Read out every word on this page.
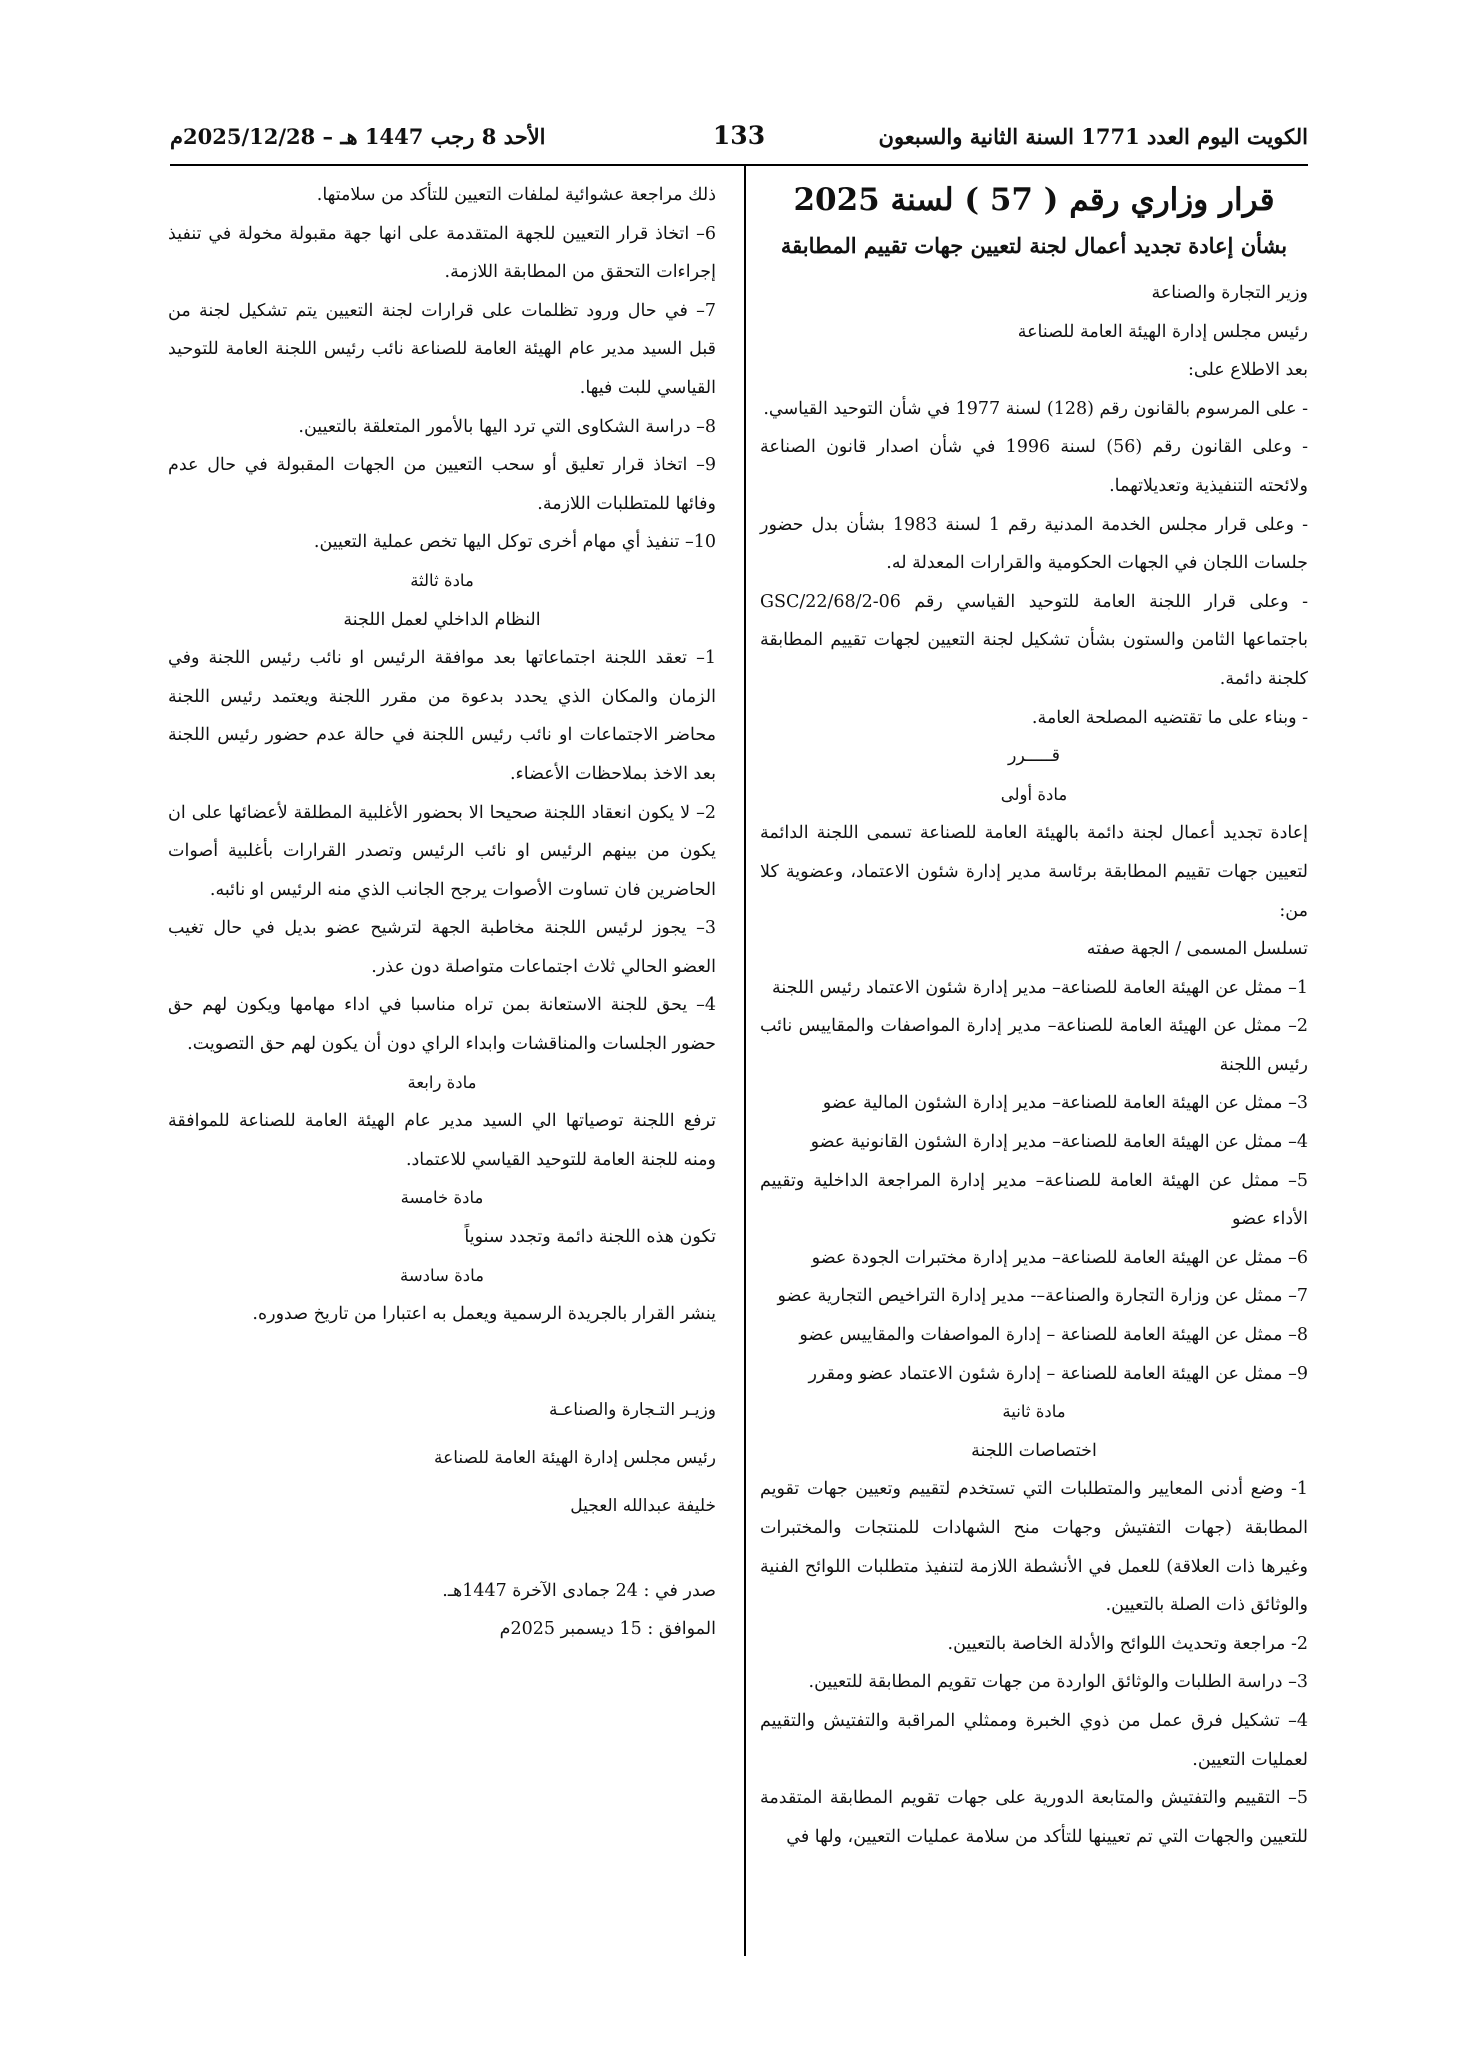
الكويت اليوم العدد 1771 السنة الثانية والسبعون
133
الأحد 8 رجب 1447 هـ – 2025/12/28م
قرار وزاري رقم ( 57 ) لسنة 2025
بشأن إعادة تجديد أعمال لجنة لتعيين جهات تقييم المطابقة

وزير التجارة والصناعة

رئيس مجلس إدارة الهيئة العامة للصناعة

بعد الاطلاع على:

- على المرسوم بالقانون رقم (128) لسنة 1977 في شأن التوحيد القياسي.

- وعلى القانون رقم (56) لسنة 1996 في شأن اصدار قانون الصناعة ولائحته التنفيذية وتعديلاتهما.

- وعلى قرار مجلس الخدمة المدنية رقم 1 لسنة 1983 بشأن بدل حضور جلسات اللجان في الجهات الحكومية والقرارات المعدلة له.

- وعلى قرار اللجنة العامة للتوحيد القياسي رقم GSC/22/68/2-06 باجتماعها الثامن والستون بشأن تشكيل لجنة التعيين لجهات تقييم المطابقة كلجنة دائمة.

- وبناء على ما تقتضيه المصلحة العامة.

قـــــرر

مادة أولى

إعادة تجديد أعمال لجنة دائمة بالهيئة العامة للصناعة تسمى اللجنة الدائمة لتعيين جهات تقييم المطابقة برئاسة مدير إدارة شئون الاعتماد، وعضوية كلا من:

تسلسل المسمى / الجهة صفته

1– ممثل عن الهيئة العامة للصناعة– مدير إدارة شئون الاعتماد رئيس اللجنة

2– ممثل عن الهيئة العامة للصناعة– مدير إدارة المواصفات والمقاييس نائب رئيس اللجنة

3– ممثل عن الهيئة العامة للصناعة– مدير إدارة الشئون المالية عضو

4– ممثل عن الهيئة العامة للصناعة– مدير إدارة الشئون القانونية عضو

5– ممثل عن الهيئة العامة للصناعة– مدير إدارة المراجعة الداخلية وتقييم الأداء عضو

6– ممثل عن الهيئة العامة للصناعة– مدير إدارة مختبرات الجودة عضو

7– ممثل عن وزارة التجارة والصناعة–- مدير إدارة التراخيص التجارية عضو

8– ممثل عن الهيئة العامة للصناعة – إدارة المواصفات والمقاييس عضو

9– ممثل عن الهيئة العامة للصناعة – إدارة شئون الاعتماد عضو ومقرر

مادة ثانية

اختصاصات اللجنة

1- وضع أدنى المعايير والمتطلبات التي تستخدم لتقييم وتعيين جهات تقويم المطابقة (جهات التفتيش وجهات منح الشهادات للمنتجات والمختبرات وغيرها ذات العلاقة) للعمل في الأنشطة اللازمة لتنفيذ متطلبات اللوائح الفنية والوثائق ذات الصلة بالتعيين.

2- مراجعة وتحديث اللوائح والأدلة الخاصة بالتعيين.

3– دراسة الطلبات والوثائق الواردة من جهات تقويم المطابقة للتعيين.

4– تشكيل فرق عمل من ذوي الخبرة وممثلي المراقبة والتفتيش والتقييم لعمليات التعيين.

5– التقييم والتفتيش والمتابعة الدورية على جهات تقويم المطابقة المتقدمة للتعيين والجهات التي تم تعيينها للتأكد من سلامة عمليات التعيين، ولها في

ذلك مراجعة عشوائية لملفات التعيين للتأكد من سلامتها.

6– اتخاذ قرار التعيين للجهة المتقدمة على انها جهة مقبولة مخولة في تنفيذ إجراءات التحقق من المطابقة اللازمة.

7– في حال ورود تظلمات على قرارات لجنة التعيين يتم تشكيل لجنة من قبل السيد مدير عام الهيئة العامة للصناعة نائب رئيس اللجنة العامة للتوحيد القياسي للبت فيها.

8– دراسة الشكاوى التي ترد اليها بالأمور المتعلقة بالتعيين.

9– اتخاذ قرار تعليق أو سحب التعيين من الجهات المقبولة في حال عدم وفائها للمتطلبات اللازمة.

10– تنفيذ أي مهام أخرى توكل اليها تخص عملية التعيين.

مادة ثالثة

النظام الداخلي لعمل اللجنة

1– تعقد اللجنة اجتماعاتها بعد موافقة الرئيس او نائب رئيس اللجنة وفي الزمان والمكان الذي يحدد بدعوة من مقرر اللجنة ويعتمد رئيس اللجنة محاضر الاجتماعات او نائب رئيس اللجنة في حالة عدم حضور رئيس اللجنة بعد الاخذ بملاحظات الأعضاء.

2– لا يكون انعقاد اللجنة صحيحا الا بحضور الأغلبية المطلقة لأعضائها على ان يكون من بينهم الرئيس او نائب الرئيس وتصدر القرارات بأغلبية أصوات الحاضرين فان تساوت الأصوات يرجح الجانب الذي منه الرئيس او نائبه.

3– يجوز لرئيس اللجنة مخاطبة الجهة لترشيح عضو بديل في حال تغيب العضو الحالي ثلاث اجتماعات متواصلة دون عذر.

4– يحق للجنة الاستعانة بمن تراه مناسبا في اداء مهامها ويكون لهم حق حضور الجلسات والمناقشات وابداء الراي دون أن يكون لهم حق التصويت.

مادة رابعة

ترفع اللجنة توصياتها الي السيد مدير عام الهيئة العامة للصناعة للموافقة ومنه للجنة العامة للتوحيد القياسي للاعتماد.

مادة خامسة

تكون هذه اللجنة دائمة وتجدد سنوياً

مادة سادسة

ينشر القرار بالجريدة الرسمية ويعمل به اعتبارا من تاريخ صدوره.

وزيـر التـجارة والصناعـة

رئيس مجلس إدارة الهيئة العامة للصناعة

خليفة عبدالله العجيل

صدر في : 24 جمادى الآخرة 1447هـ.

الموافق : 15 ديسمبر 2025م
